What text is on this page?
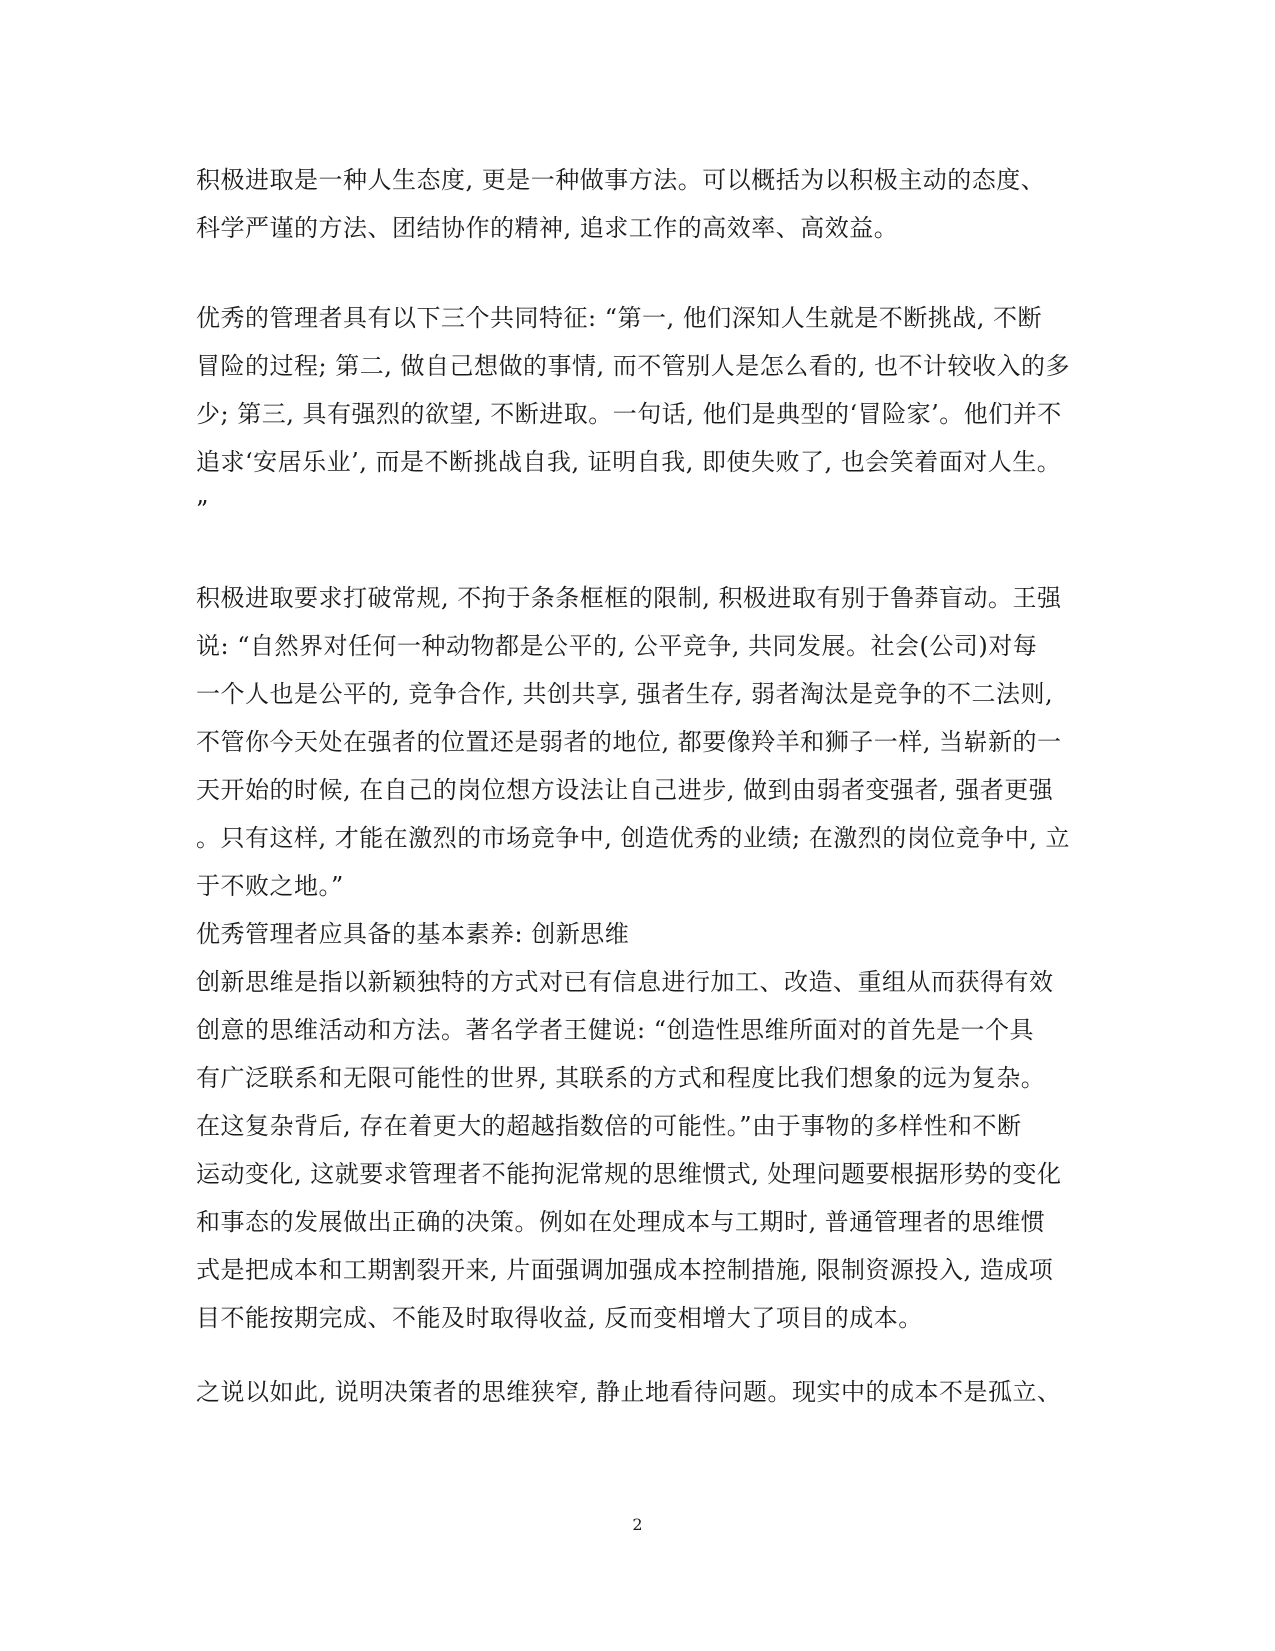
积极进取是一种人生态度, 更是一种做事方法。可以概括为以积极主动的态度、
科学严谨的方法、团结协作的精神, 追求工作的高效率、高效益。
优秀的管理者具有以下三个共同特征: “第一, 他们深知人生就是不断挑战, 不断
冒险的过程; 第二, 做自己想做的事情, 而不管别人是怎么看的, 也不计较收入的多
少; 第三, 具有强烈的欲望, 不断进取。一句话, 他们是典型的‘冒险家’。他们并不
追求‘安居乐业’, 而是不断挑战自我, 证明自我, 即使失败了, 也会笑着面对人生。
”
积极进取要求打破常规, 不拘于条条框框的限制, 积极进取有别于鲁莽盲动。王强
说: “自然界对任何一种动物都是公平的, 公平竞争, 共同发展。社会(公司)对每
一个人也是公平的, 竞争合作, 共创共享, 强者生存, 弱者淘汰是竞争的不二法则,
不管你今天处在强者的位置还是弱者的地位, 都要像羚羊和狮子一样, 当崭新的一
天开始的时候, 在自己的岗位想方设法让自己进步, 做到由弱者变强者, 强者更强
。只有这样, 才能在激烈的市场竞争中, 创造优秀的业绩; 在激烈的岗位竞争中, 立
于不败之地。”
优秀管理者应具备的基本素养: 创新思维
创新思维是指以新颖独特的方式对已有信息进行加工、改造、重组从而获得有效
创意的思维活动和方法。著名学者王健说: “创造性思维所面对的首先是一个具
有广泛联系和无限可能性的世界, 其联系的方式和程度比我们想象的远为复杂。
在这复杂背后, 存在着更大的超越指数倍的可能性。”由于事物的多样性和不断
运动变化, 这就要求管理者不能拘泥常规的思维惯式, 处理问题要根据形势的变化
和事态的发展做出正确的决策。例如在处理成本与工期时, 普通管理者的思维惯
式是把成本和工期割裂开来, 片面强调加强成本控制措施, 限制资源投入, 造成项
目不能按期完成、不能及时取得收益, 反而变相增大了项目的成本。
之说以如此, 说明决策者的思维狭窄, 静止地看待问题。现实中的成本不是孤立、
2
